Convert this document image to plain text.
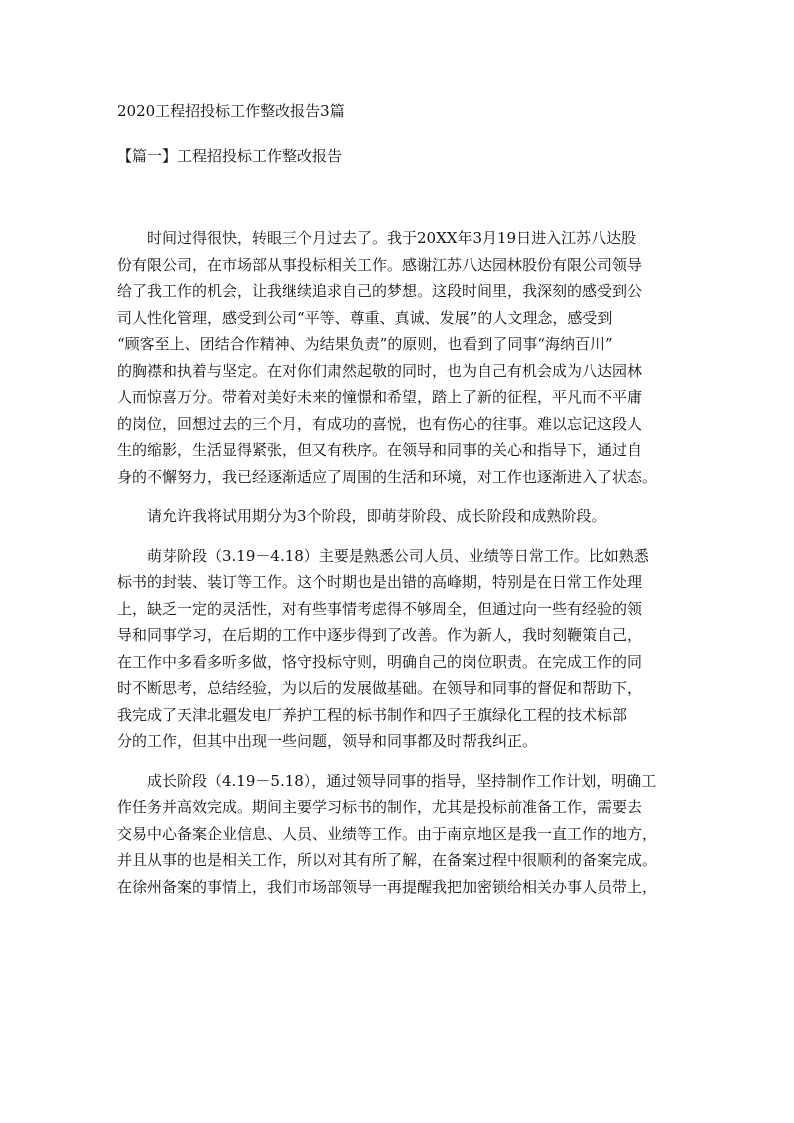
2020工程招投标工作整改报告3篇
【篇一】工程招投标工作整改报告

时间过得很快，转眼三个月过去了。我于20XX年3月19日进入江苏八达股
份有限公司，在市场部从事投标相关工作。感谢江苏八达园林股份有限公司领导
给了我工作的机会，让我继续追求自己的梦想。这段时间里，我深刻的感受到公
司人性化管理，感受到公司“平等、尊重、真诚、发展”的人文理念，感受到
“顾客至上、团结合作精神、为结果负责”的原则，也看到了同事“海纳百川”
的胸襟和执着与坚定。在对你们肃然起敬的同时，也为自己有机会成为八达园林
人而惊喜万分。带着对美好未来的憧憬和希望，踏上了新的征程，平凡而不平庸
的岗位，回想过去的三个月，有成功的喜悦，也有伤心的往事。难以忘记这段人
生的缩影，生活显得紧张，但又有秩序。在领导和同事的关心和指导下，通过自
身的不懈努力，我已经逐渐适应了周围的生活和环境，对工作也逐渐进入了状态。

请允许我将试用期分为3个阶段，即萌芽阶段、成长阶段和成熟阶段。

萌芽阶段（3.19－4.18）主要是熟悉公司人员、业绩等日常工作。比如熟悉
标书的封装、装订等工作。这个时期也是出错的高峰期，特别是在日常工作处理
上，缺乏一定的灵活性，对有些事情考虑得不够周全，但通过向一些有经验的领
导和同事学习，在后期的工作中逐步得到了改善。作为新人，我时刻鞭策自己，
在工作中多看多听多做，恪守投标守则，明确自己的岗位职责。在完成工作的同
时不断思考，总结经验，为以后的发展做基础。在领导和同事的督促和帮助下，
我完成了天津北疆发电厂养护工程的标书制作和四子王旗绿化工程的技术标部
分的工作，但其中出现一些问题，领导和同事都及时帮我纠正。

成长阶段（4.19－5.18），通过领导同事的指导，坚持制作工作计划，明确工
作任务并高效完成。期间主要学习标书的制作，尤其是投标前准备工作，需要去
交易中心备案企业信息、人员、业绩等工作。由于南京地区是我一直工作的地方，
并且从事的也是相关工作，所以对其有所了解，在备案过程中很顺利的备案完成。
在徐州备案的事情上，我们市场部领导一再提醒我把加密锁给相关办事人员带上，
